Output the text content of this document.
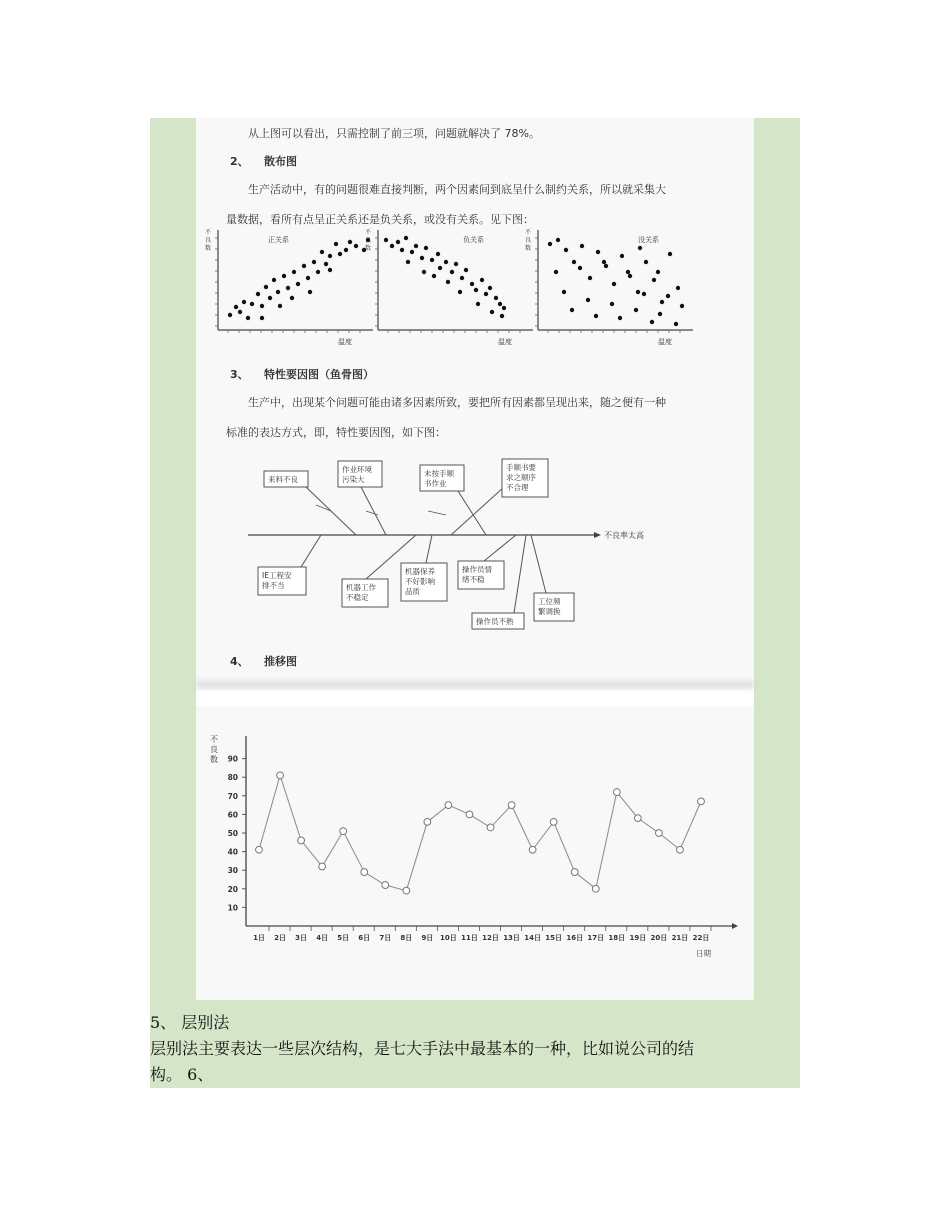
从上图可以看出，只需控制了前三项，问题就解决了 78%。
2、 散布图
生产活动中，有的问题很难直接判断，两个因素间到底呈什么制约关系，所以就采集大
量数据，看所有点呈正关系还是负关系，或没有关系。见下图：
不
良
数
正关系
温度
不
良
数
负关系
温度
不
良
数
没关系
温度
3、 特性要因图（鱼骨图）
生产中，出现某个问题可能由诸多因素所致，要把所有因素都呈现出来，随之便有一种
标准的表达方式，即，特性要因图，如下图：
不良率太高
来料不良
作业环境
污染大
未按手顺
书作业
手顺书要
求之顺序
不合理
IE工程安
排不当	机器工作
不稳定
机器保养
不好影响
品质
操作员情
绪不稳
操作员不熟
工位频
繁调换
4、 推移图
不
良
数
10
20
30
40
50
60
70
80
90
1日 2日 3日 4日 5日 6日 7日 8日 9日 10日 11日 12日 13日 14日 15日 16日 17日 18日 19日 20日 21日 22日
日期
5、 层别法
层别法主要表达一些层次结构，是七大手法中最基本的一种，比如说公司的结
构。 6、
